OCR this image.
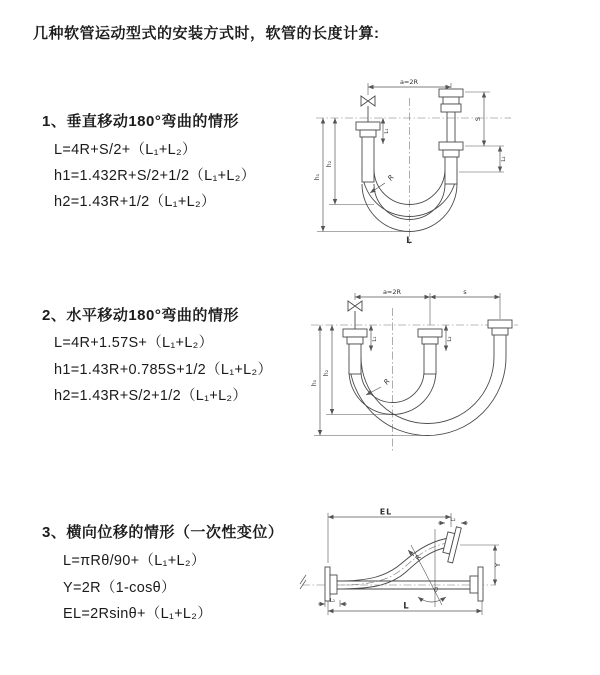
几种软管运动型式的安装方式时，软管的长度计算:
1、垂直移动180°弯曲的情形
L=4R+S/2+（L₁+L₂）
h1=1.432R+S/2+1/2（L₁+L₂）
h2=1.43R+1/2（L₁+L₂）
2、水平移动180°弯曲的情形
L=4R+1.57S+（L₁+L₂）
h1=1.43R+0.785S+1/2（L₁+L₂）
h2=1.43R+S/2+1/2（L₁+L₂）
3、横向位移的情形（一次性变位）
L=πRθ/90+（L₁+L₂）
Y=2R（1-cosθ）
EL=2Rsinθ+（L₁+L₂）
a=2R
h₁
h₂
L₁
S
L₂
R
L
a=2R	s
h₁
h₂
L₁	L₂
R
θ
EL
L₂
Y
L
L₁
R
